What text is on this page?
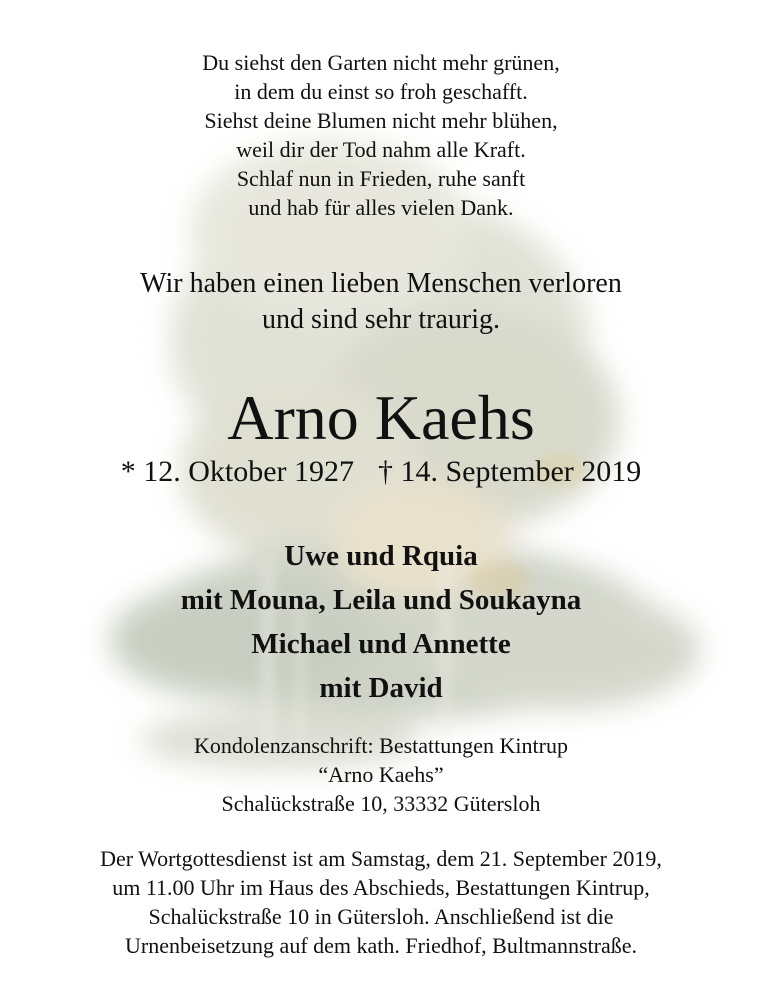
Du siehst den Garten nicht mehr grünen,
in dem du einst so froh geschafft.
Siehst deine Blumen nicht mehr blühen,
weil dir der Tod nahm alle Kraft.
Schlaf nun in Frieden, ruhe sanft
und hab für alles vielen Dank.
Wir haben einen lieben Menschen verloren
und sind sehr traurig.
Arno Kaehs
* 12. Oktober 1927 † 14. September 2019
Uwe und Rquia
mit Mouna, Leila und Soukayna
Michael und Annette
mit David
Kondolenzanschrift: Bestattungen Kintrup
“Arno Kaehs”
Schalückstraße 10, 33332 Gütersloh
Der Wortgottesdienst ist am Samstag, dem 21. September 2019,
um 11.00 Uhr im Haus des Abschieds, Bestattungen Kintrup,
Schalückstraße 10 in Gütersloh. Anschließend ist die
Urnenbeisetzung auf dem kath. Friedhof, Bultmannstraße.
